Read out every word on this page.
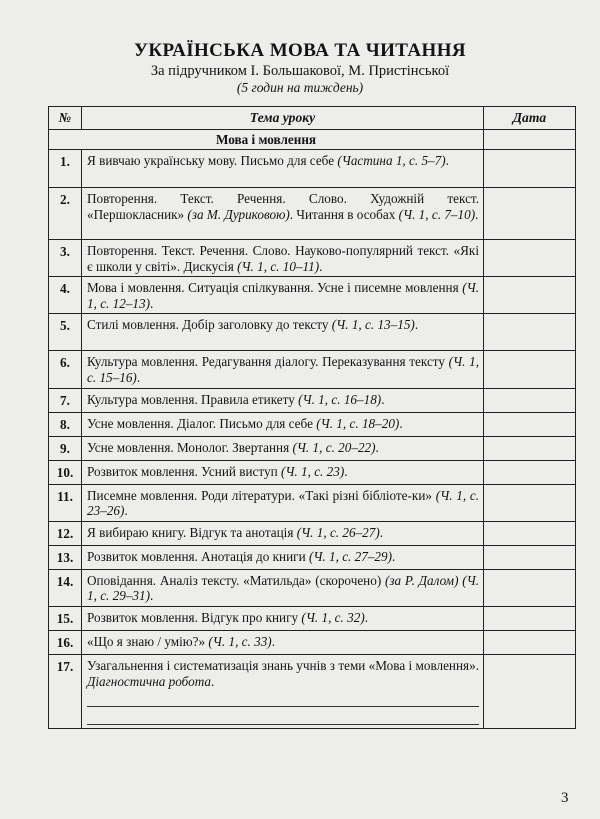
УКРАЇНСЬКА МОВА ТА ЧИТАННЯ
За підручником І. Большакової, М. Пристінської
(5 годин на тиждень)
№	Тема уроку	Дата
Мова і мовлення		
1.	Я вивчаю українську мову. Письмо для себе (Частина 1, с. 5–7).	
2.	Повторення. Текст. Речення. Слово. Художній текст. «Першокласник» (за М. Дуриковою). Читання в особах (Ч. 1, с. 7–10).	
3.	Повторення. Текст. Речення. Слово. Науково-популярний текст. «Які є школи у світі». Дискусія (Ч. 1, с. 10–11).	
4.	Мова і мовлення. Ситуація спілкування. Усне і писемне мовлення (Ч. 1, с. 12–13).	
5.	Стилі мовлення. Добір заголовку до тексту (Ч. 1, с. 13–15).	
6.	Культура мовлення. Редагування діалогу. Переказування тексту (Ч. 1, с. 15–16).	
7.	Культура мовлення. Правила етикету (Ч. 1, с. 16–18).	
8.	Усне мовлення. Діалог. Письмо для себе (Ч. 1, с. 18–20).	
9.	Усне мовлення. Монолог. Звертання (Ч. 1, с. 20–22).	
10.	Розвиток мовлення. Усний виступ (Ч. 1, с. 23).	
11.	Писемне мовлення. Роди літератури. «Такі різні бібліоте-ки» (Ч. 1, с. 23–26).	
12.	Я вибираю книгу. Відгук та анотація (Ч. 1, с. 26–27).	
13.	Розвиток мовлення. Анотація до книги (Ч. 1, с. 27–29).	
14.	Оповідання. Аналіз тексту. «Матильда» (скорочено) (за Р. Далом) (Ч. 1, с. 29–31).	
15.	Розвиток мовлення. Відгук про книгу (Ч. 1, с. 32).	
16.	«Що я знаю / умію?» (Ч. 1, с. 33).	
17.	Узагальнення і систематизація знань учнів з теми «Мова і мовлення». Діагностична робота.

3
